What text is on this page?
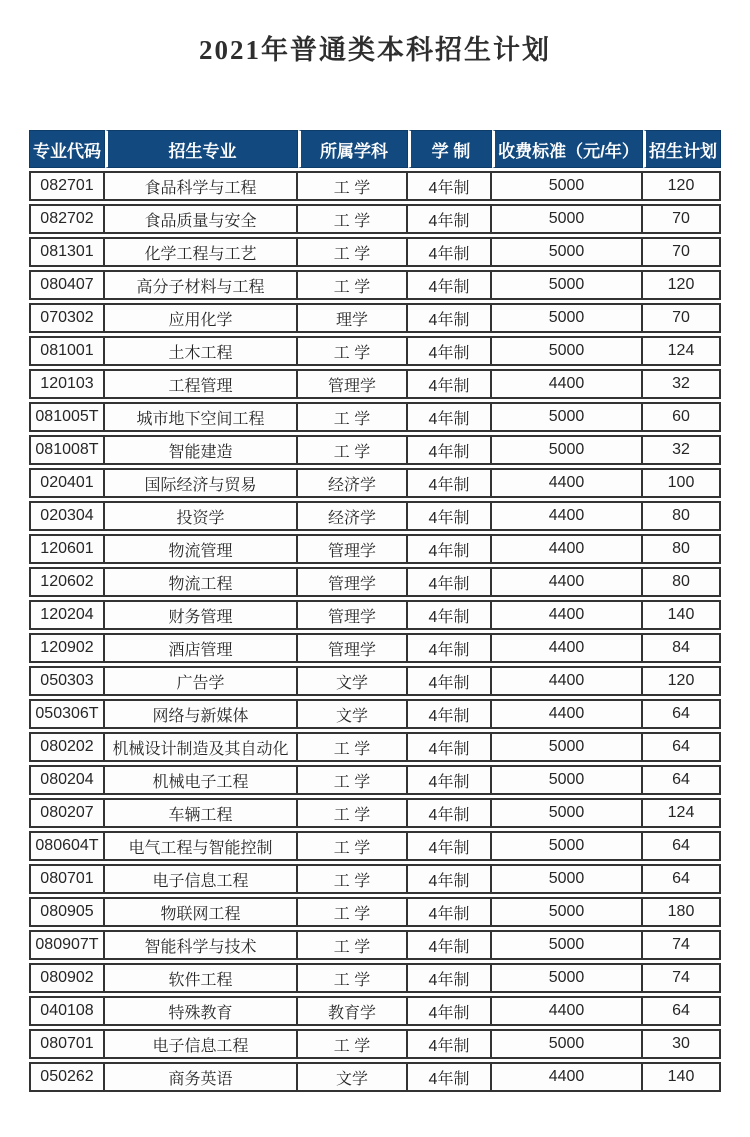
2021年普通类本科招生计划
专业代码	招生专业	所属学科	学 制	收费标准（元/年）	招生计划
082701	食品科学与工程	工 学	4年制	5000	120
082702	食品质量与安全	工 学	4年制	5000	70
081301	化学工程与工艺	工 学	4年制	5000	70
080407	高分子材料与工程	工 学	4年制	5000	120
070302	应用化学	理学	4年制	5000	70
081001	土木工程	工 学	4年制	5000	124
120103	工程管理	管理学	4年制	4400	32
081005T	城市地下空间工程	工 学	4年制	5000	60
081008T	智能建造	工 学	4年制	5000	32
020401	国际经济与贸易	经济学	4年制	4400	100
020304	投资学	经济学	4年制	4400	80
120601	物流管理	管理学	4年制	4400	80
120602	物流工程	管理学	4年制	4400	80
120204	财务管理	管理学	4年制	4400	140
120902	酒店管理	管理学	4年制	4400	84
050303	广告学	文学	4年制	4400	120
050306T	网络与新媒体	文学	4年制	4400	64
080202	机械设计制造及其自动化	工 学	4年制	5000	64
080204	机械电子工程	工 学	4年制	5000	64
080207	车辆工程	工 学	4年制	5000	124
080604T	电气工程与智能控制	工 学	4年制	5000	64
080701	电子信息工程	工 学	4年制	5000	64
080905	物联网工程	工 学	4年制	5000	180
080907T	智能科学与技术	工 学	4年制	5000	74
080902	软件工程	工 学	4年制	5000	74
040108	特殊教育	教育学	4年制	4400	64
080701	电子信息工程	工 学	4年制	5000	30
050262	商务英语	文学	4年制	4400	140
